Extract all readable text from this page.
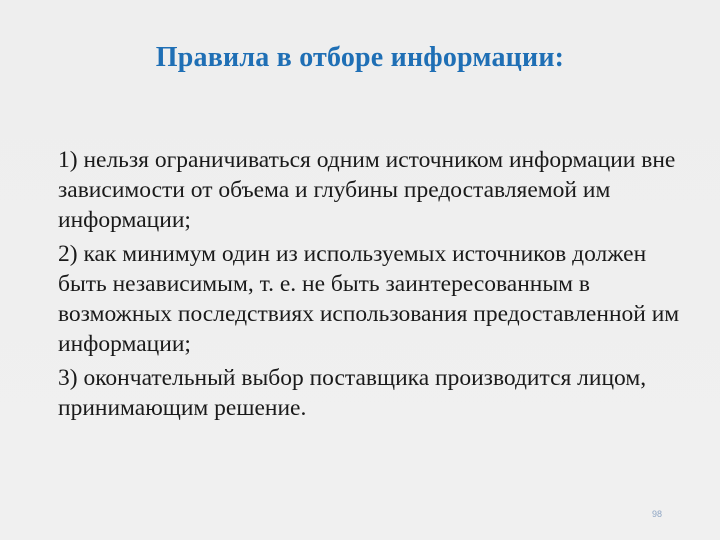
Правила в отборе информации:
1) нельзя ограничиваться одним источником информации вне зависимости от объема и глубины предоставляемой им информации;
2) как минимум один из используемых источников должен быть независимым, т. е. не быть заинтересованным в возможных последствиях использования предоставленной им информации;
3) окончательный выбор поставщика производится лицом, принимающим решение.
98
